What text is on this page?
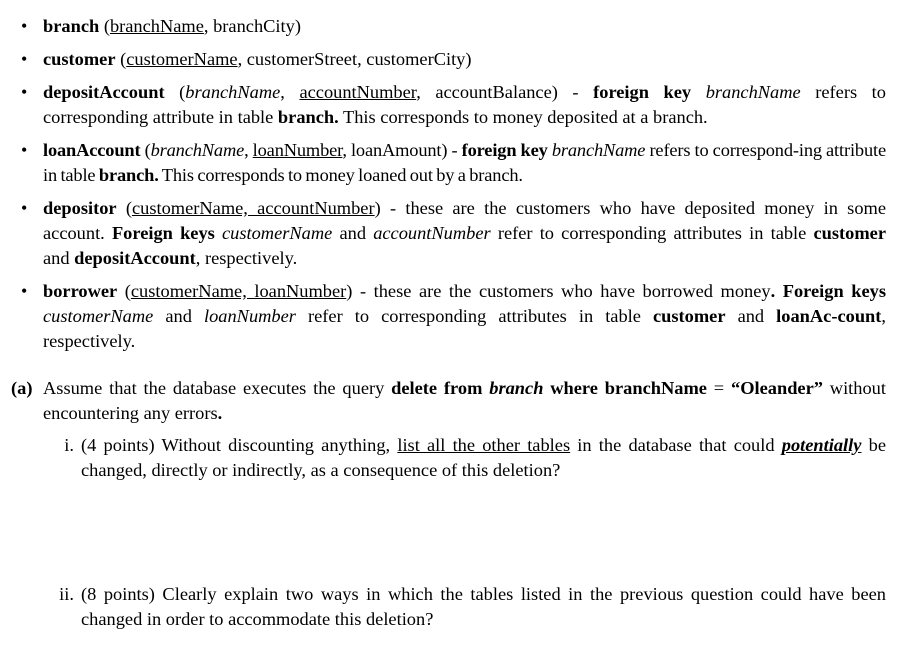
• branch (branchName, branchCity)
• customer (customerName, customerStreet, customerCity)
• depositAccount (branchName, accountNumber, accountBalance) - foreign key branchName refers to corresponding attribute in table branch. This corresponds to money deposited at a branch.
• loanAccount (branchName, loanNumber, loanAmount) - foreign key branchName refers to correspond-ing attribute in table branch. This corresponds to money loaned out by a branch.
• depositor (customerName, accountNumber) - these are the customers who have deposited money in some account. Foreign keys customerName and accountNumber refer to corresponding attributes in table customer and depositAccount, respectively.
• borrower (customerName, loanNumber) - these are the customers who have borrowed money. Foreign keys customerName and loanNumber refer to corresponding attributes in table customer and loanAc-count, respectively.
(a) Assume that the database executes the query delete from branch where branchName = “Oleander” without encountering any errors.
i. (4 points) Without discounting anything, list all the other tables in the database that could potentially be changed, directly or indirectly, as a consequence of this deletion?
ii. (8 points) Clearly explain two ways in which the tables listed in the previous question could have been changed in order to accommodate this deletion?
